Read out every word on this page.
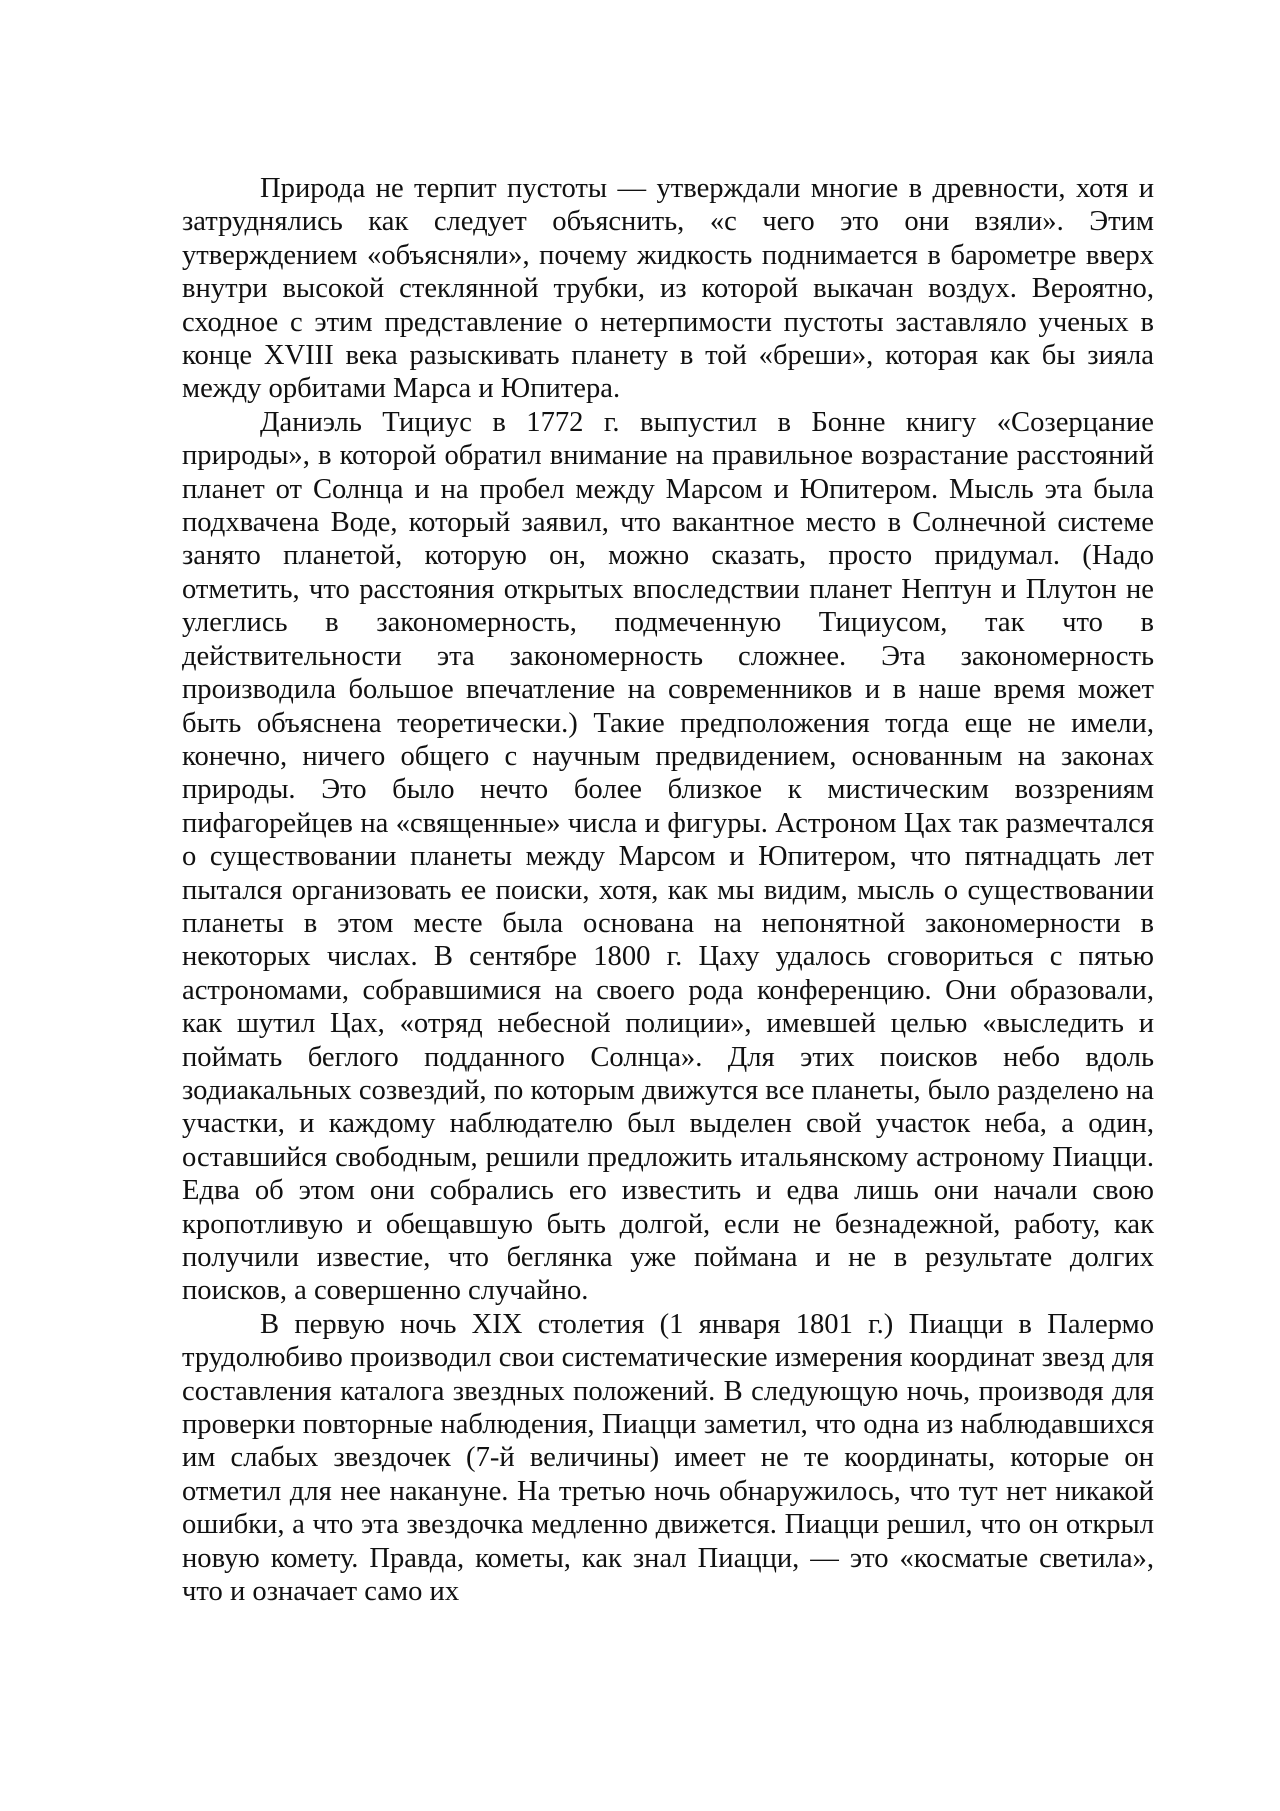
Природа не терпит пустоты — утверждали многие в древности, хотя и затруднялись как следует объяснить, «с чего это они взяли». Этим утверждением «объясняли», почему жидкость поднимается в барометре вверх внутри высокой стеклянной трубки, из которой выкачан воздух. Вероятно, сходное с этим представление о нетерпимости пустоты заставляло ученых в конце XVIII века разыскивать планету в той «бреши», которая как бы зияла между орбитами Марса и Юпитера.

Даниэль Тициус в 1772 г. выпустил в Бонне книгу «Созерцание природы», в которой обратил внимание на правильное возрастание расстояний планет от Солнца и на пробел между Марсом и Юпитером. Мысль эта была подхвачена Воде, который заявил, что вакантное место в Солнечной системе занято планетой, которую он, можно сказать, просто придумал. (Надо отметить, что расстояния открытых впоследствии планет Нептун и Плутон не улеглись в закономерность, подмеченную Тициусом, так что в действительности эта закономерность сложнее. Эта закономерность производила большое впечатление на современников и в наше время может быть объяснена теоретически.) Такие предположения тогда еще не имели, конечно, ничего общего с научным предвидением, основанным на законах природы. Это было нечто более близкое к мистическим воззрениям пифагорейцев на «священные» числа и фигуры. Астроном Цах так размечтался о существовании планеты между Марсом и Юпитером, что пятнадцать лет пытался организовать ее поиски, хотя, как мы видим, мысль о существовании планеты в этом месте была основана на непонятной закономерности в некоторых числах. В сентябре 1800 г. Цаху удалось сговориться с пятью астрономами, собравшимися на своего рода конференцию. Они образовали, как шутил Цах, «отряд небесной полиции», имевшей целью «выследить и поймать беглого подданного Солнца». Для этих поисков небо вдоль зодиакальных созвездий, по которым движутся все планеты, было разделено на участки, и каждому наблюдателю был выделен свой участок неба, а один, оставшийся свободным, решили предложить итальянскому астроному Пиацци. Едва об этом они собрались его известить и едва лишь они начали свою кропотливую и обещавшую быть долгой, если не безнадежной, работу, как получили известие, что беглянка уже поймана и не в результате долгих поисков, а совершенно случайно.

В первую ночь XIX столетия (1 января 1801 г.) Пиацци в Палермо трудолюбиво производил свои систематические измерения координат звезд для составления каталога звездных положений. В следующую ночь, производя для проверки повторные наблюдения, Пиацци заметил, что одна из наблюдавшихся им слабых звездочек (7-й величины) имеет не те координаты, которые он отметил для нее накануне. На третью ночь обнаружилось, что тут нет никакой ошибки, а что эта звездочка медленно движется. Пиацци решил, что он открыл новую комету. Правда, кометы, как знал Пиацци, — это «косматые светила», что и означает само их
